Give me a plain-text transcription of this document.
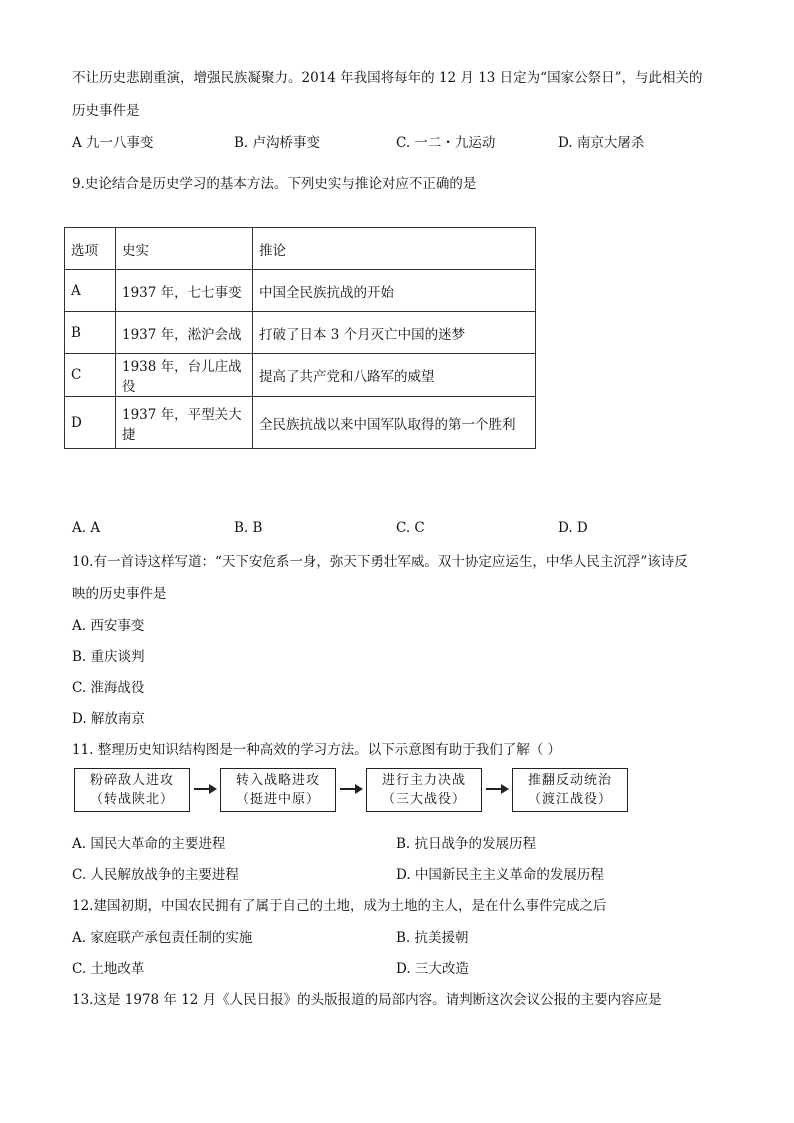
不让历史悲剧重演，增强民族凝聚力。2014 年我国将每年的 12 月 13 日定为“国家公祭日”，与此相关的
历史事件是
A 九一八事变	B. 卢沟桥事变	C. 一二・九运动	D. 南京大屠杀
9.史论结合是历史学习的基本方法。下列史实与推论对应不正确的是
选项	史实	推论
A	1937 年，七七事变	中国全民族抗战的开始
B	1937 年，淞沪会战	打破了日本 3 个月灭亡中国的迷梦
C	1938 年，台儿庄战役	提高了共产党和八路军的威望
D	1937 年，平型关大捷	全民族抗战以来中国军队取得的第一个胜利
A. A	B. B	C. C	D. D
10.有一首诗这样写道：“天下安危系一身，弥天下勇壮军威。双十协定应运生，中华人民主沉浮”该诗反
映的历史事件是
A. 西安事变
B. 重庆谈判
C. 淮海战役
D. 解放南京
11. 整理历史知识结构图是一种高效的学习方法。以下示意图有助于我们了解（ ）
粉碎敌人进攻
（转战陕北）
转入战略进攻
（挺进中原）
进行主力决战
（三大战役）
推翻反动统治
（渡江战役）
A. 国民大革命的主要进程	B. 抗日战争的发展历程
C. 人民解放战争的主要进程	D. 中国新民主主义革命的发展历程
12.建国初期，中国农民拥有了属于自己的土地，成为土地的主人，是在什么事件完成之后
A. 家庭联产承包责任制的实施	B. 抗美援朝
C. 土地改革	D. 三大改造
13.这是 1978 年 12 月《人民日报》的头版报道的局部内容。请判断这次会议公报的主要内容应是
